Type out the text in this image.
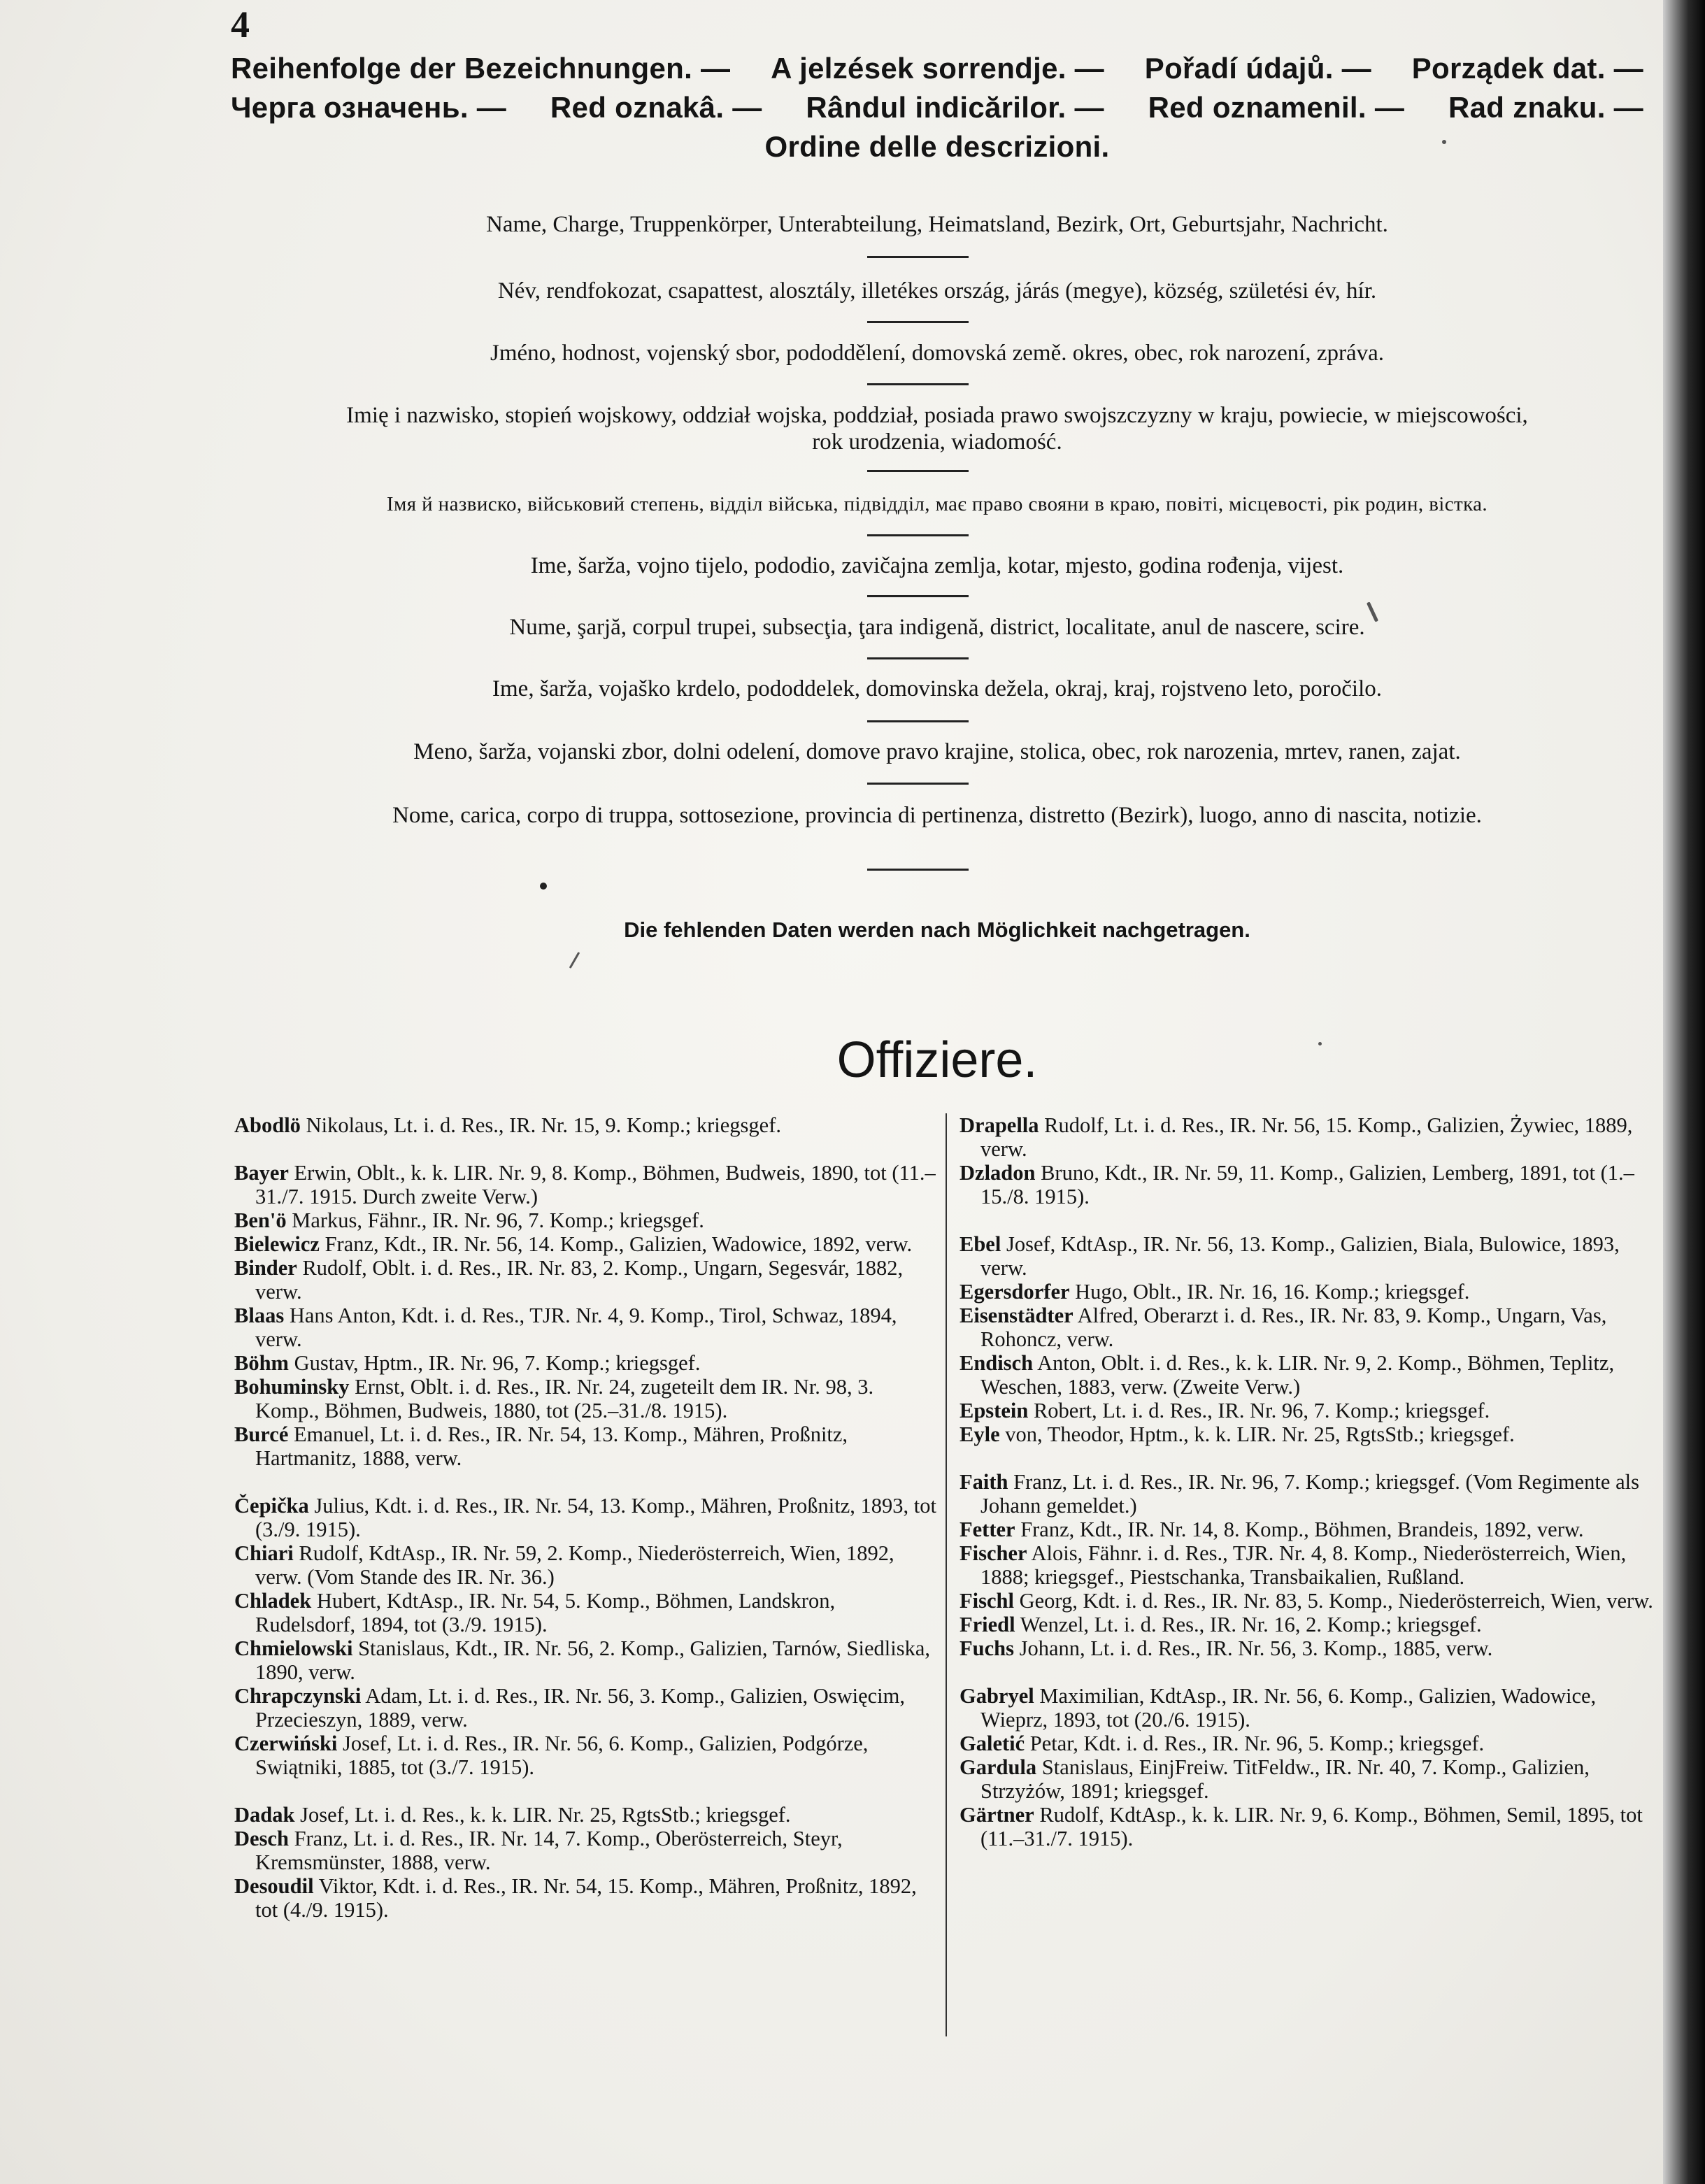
4
Reihenfolge der Bezeichnungen. — A jelzések sorrendje. — Pořadí údajů. — Porządek dat. —
Черга означень. — Red oznakâ. — Rândul indicărilor. — Red oznamenil. — Rad znaku. —
Ordine delle descrizioni.
Name, Charge, Truppenkörper, Unterabteilung, Heimatsland, Bezirk, Ort, Geburtsjahr, Nachricht.
Név, rendfokozat, csapattest, alosztály, illetékes ország, járás (megye), község, születési év, hír.
Jméno, hodnost, vojenský sbor, pododdělení, domovská země. okres, obec, rok narození, zpráva.
Imię i nazwisko, stopień wojskowy, oddział wojska, poddział, posiada prawo swojszczyzny w kraju, powiecie, w miejscowości,
rok urodzenia, wiadomość.
Імя й назвиско, військовий степень, відділ війська, підвідділ, має право свояни в краю, повіті, місцевості, рік родин, вістка.
Ime, šarža, vojno tijelo, pododio, zavičajna zemlja, kotar, mjesto, godina rođenja, vijest.
Nume, şarjă, corpul trupei, subsecţia, ţara indigenă, district, localitate, anul de nascere, scire.
Ime, šarža, vojaško krdelo, pododdelek, domovinska dežela, okraj, kraj, rojstveno leto, poročilo.
Meno, šarža, vojanski zbor, dolni odelení, domove pravo krajine, stolica, obec, rok narozenia, mrtev, ranen, zajat.
Nome, carica, corpo di truppa, sottosezione, provincia di pertinenza, distretto (Bezirk), luogo, anno di nascita, notizie.
Die fehlenden Daten werden nach Möglichkeit nachgetragen.
Offiziere.

Abodlö Nikolaus, Lt. i. d. Res., IR. Nr. 15, 9. Komp.; kriegsgef.

Bayer Erwin, Oblt., k. k. LIR. Nr. 9, 8. Komp., Böhmen, Budweis, 1890, tot (11.–31./7. 1915. Durch zweite Verw.)

Ben'ö Markus, Fähnr., IR. Nr. 96, 7. Komp.; kriegsgef.

Bielewicz Franz, Kdt., IR. Nr. 56, 14. Komp., Galizien, Wadowice, 1892, verw.

Binder Rudolf, Oblt. i. d. Res., IR. Nr. 83, 2. Komp., Ungarn, Segesvár, 1882, verw.

Blaas Hans Anton, Kdt. i. d. Res., TJR. Nr. 4, 9. Komp., Tirol, Schwaz, 1894, verw.

Böhm Gustav, Hptm., IR. Nr. 96, 7. Komp.; kriegsgef.

Bohuminsky Ernst, Oblt. i. d. Res., IR. Nr. 24, zugeteilt dem IR. Nr. 98, 3. Komp., Böhmen, Budweis, 1880, tot (25.–31./8. 1915).

Burcé Emanuel, Lt. i. d. Res., IR. Nr. 54, 13. Komp., Mähren, Proßnitz, Hartmanitz, 1888, verw.

Čepička Julius, Kdt. i. d. Res., IR. Nr. 54, 13. Komp., Mähren, Proßnitz, 1893, tot (3./9. 1915).

Chiari Rudolf, KdtAsp., IR. Nr. 59, 2. Komp., Niederösterreich, Wien, 1892, verw. (Vom Stande des IR. Nr. 36.)

Chladek Hubert, KdtAsp., IR. Nr. 54, 5. Komp., Böhmen, Landskron, Rudelsdorf, 1894, tot (3./9. 1915).

Chmielowski Stanislaus, Kdt., IR. Nr. 56, 2. Komp., Galizien, Tarnów, Siedliska, 1890, verw.

Chrapczynski Adam, Lt. i. d. Res., IR. Nr. 56, 3. Komp., Galizien, Oswięcim, Przecieszyn, 1889, verw.

Czerwiński Josef, Lt. i. d. Res., IR. Nr. 56, 6. Komp., Galizien, Podgórze, Swiątniki, 1885, tot (3./7. 1915).

Dadak Josef, Lt. i. d. Res., k. k. LIR. Nr. 25, RgtsStb.; kriegsgef.

Desch Franz, Lt. i. d. Res., IR. Nr. 14, 7. Komp., Oberösterreich, Steyr, Kremsmünster, 1888, verw.

Desoudil Viktor, Kdt. i. d. Res., IR. Nr. 54, 15. Komp., Mähren, Proßnitz, 1892, tot (4./9. 1915).

Drapella Rudolf, Lt. i. d. Res., IR. Nr. 56, 15. Komp., Galizien, Żywiec, 1889, verw.

Dzladon Bruno, Kdt., IR. Nr. 59, 11. Komp., Galizien, Lemberg, 1891, tot (1.–15./8. 1915).

Ebel Josef, KdtAsp., IR. Nr. 56, 13. Komp., Galizien, Biala, Bulowice, 1893, verw.

Egersdorfer Hugo, Oblt., IR. Nr. 16, 16. Komp.; kriegsgef.

Eisenstädter Alfred, Oberarzt i. d. Res., IR. Nr. 83, 9. Komp., Ungarn, Vas, Rohoncz, verw.

Endisch Anton, Oblt. i. d. Res., k. k. LIR. Nr. 9, 2. Komp., Böhmen, Teplitz, Weschen, 1883, verw. (Zweite Verw.)

Epstein Robert, Lt. i. d. Res., IR. Nr. 96, 7. Komp.; kriegsgef.

Eyle von, Theodor, Hptm., k. k. LIR. Nr. 25, RgtsStb.; kriegsgef.

Faith Franz, Lt. i. d. Res., IR. Nr. 96, 7. Komp.; kriegsgef. (Vom Regimente als Johann gemeldet.)

Fetter Franz, Kdt., IR. Nr. 14, 8. Komp., Böhmen, Brandeis, 1892, verw.

Fischer Alois, Fähnr. i. d. Res., TJR. Nr. 4, 8. Komp., Niederösterreich, Wien, 1888; kriegsgef., Piestschanka, Transbaikalien, Rußland.

Fischl Georg, Kdt. i. d. Res., IR. Nr. 83, 5. Komp., Niederösterreich, Wien, verw.

Friedl Wenzel, Lt. i. d. Res., IR. Nr. 16, 2. Komp.; kriegsgef.

Fuchs Johann, Lt. i. d. Res., IR. Nr. 56, 3. Komp., 1885, verw.

Gabryel Maximilian, KdtAsp., IR. Nr. 56, 6. Komp., Galizien, Wadowice, Wieprz, 1893, tot (20./6. 1915).

Galetić Petar, Kdt. i. d. Res., IR. Nr. 96, 5. Komp.; kriegsgef.

Gardula Stanislaus, EinjFreiw. TitFeldw., IR. Nr. 40, 7. Komp., Galizien, Strzyżów, 1891; kriegsgef.

Gärtner Rudolf, KdtAsp., k. k. LIR. Nr. 9, 6. Komp., Böhmen, Semil, 1895, tot (11.–31./7. 1915).
